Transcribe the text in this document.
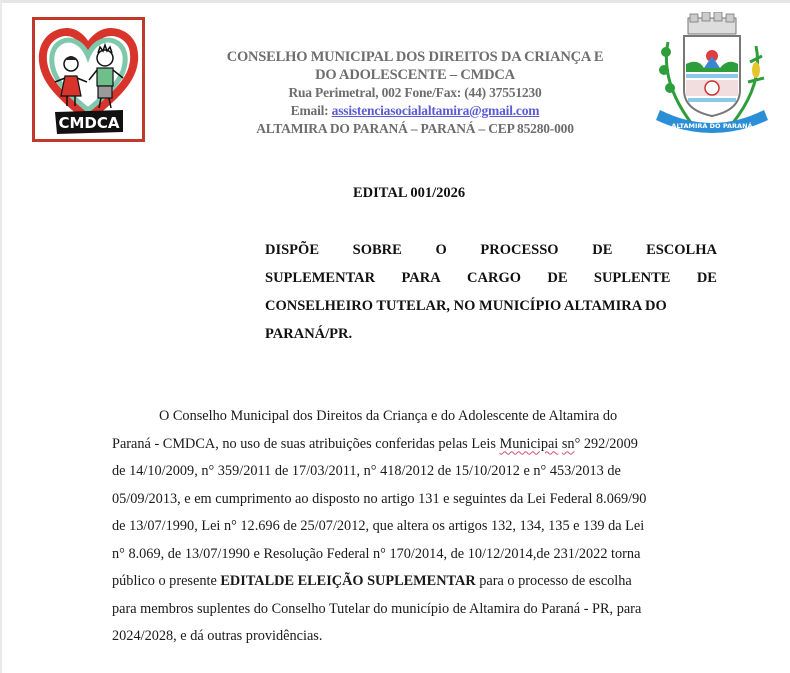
CMDCA
CONSELHO MUNICIPAL DOS DIREITOS DA CRIANÇA E
DO ADOLESCENTE – CMDCA
Rua Perimetral, 002 Fone/Fax: (44) 37551230
Email: assistenciasocialaltamira@gmail.com
ALTAMIRA DO PARANÁ – PARANÁ – CEP 85280-000	ALTAMIRA DO PARANÁ
EDITAL 001/2026
DISPÕE SOBRE O PROCESSO DE ESCOLHA
SUPLEMENTAR PARA CARGO DE SUPLENTE DE
CONSELHEIRO TUTELAR, NO MUNICÍPIO ALTAMIRA DO
PARANÁ/PR.
O Conselho Municipal dos Direitos da Criança e do Adolescente de Altamira do
Paraná - CMDCA, no uso de suas atribuições conferidas pelas Leis Municipai sn° 292/2009
de 14/10/2009, n° 359/2011 de 17/03/2011, n° 418/2012 de 15/10/2012 e n° 453/2013 de
05/09/2013, e em cumprimento ao disposto no artigo 131 e seguintes da Lei Federal 8.069/90
de 13/07/1990, Lei n° 12.696 de 25/07/2012, que altera os artigos 132, 134, 135 e 139 da Lei
n° 8.069, de 13/07/1990 e Resolução Federal n° 170/2014, de 10/12/2014,de 231/2022 torna
público o presente EDITALDE ELEIÇÃO SUPLEMENTAR para o processo de escolha
para membros suplentes do Conselho Tutelar do município de Altamira do Paraná - PR, para
2024/2028, e dá outras providências.
